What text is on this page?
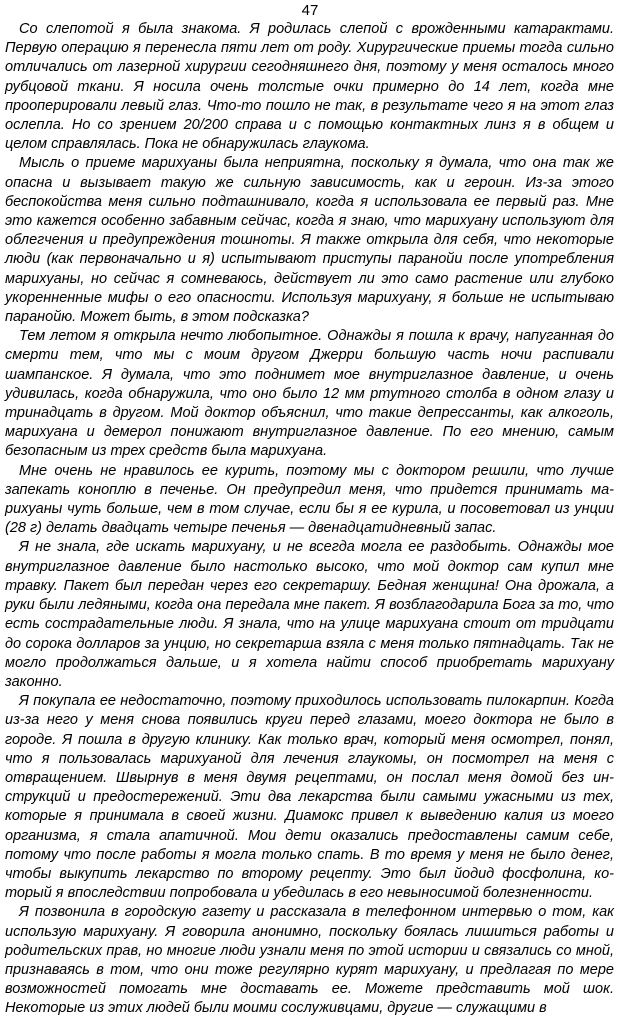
47

Со слепотой я была знакома. Я родилась слепой с врожденными катарактами. Первую операцию я перенесла пяти лет от роду. Хирургические приемы тогда сильно отличались от лазерной хирургии сегодняшнего дня, поэтому у меня осталось много рубцовой ткани. Я носила очень толстые очки примерно до 14 лет, когда мне прооперировали левый глаз. Что-то пошло не так, в результате чего я на этот глаз ослепла. Но со зрением 20/200 справа и с помощью контактных линз я в общем и целом справлялась. Пока не обнаружилась глаукома.

Мысль о приеме марихуаны была неприятна, поскольку я думала, что она так же опасна и вызывает такую же сильную зависимость, как и героин. Из-за этого беспокойства меня сильно подташнивало, когда я использовала ее первый раз. Мне это кажется особенно забавным сейчас, когда я знаю, что марихуану используют для облегчения и предупреждения тошноты. Я также открыла для себя, что некоторые люди (как первоначально и я) испытывают приступы паранойи после употребления марихуаны, но сейчас я сомневаюсь, действует ли это само растение или глубоко укоренненные мифы о его опасности. Используя марихуану, я больше не испытываю паранойю. Может быть, в этом подсказка?

Тем летом я открыла нечто любопытное. Однажды я пошла к врачу, напуганная до смерти тем, что мы с моим другом Джерри большую часть ночи распивали шампанское. Я думала, что это поднимет мое внутриглазное давление, и очень удивилась, когда обнаружила, что оно было 12 мм ртутного столба в одном глазу и тринадцать в другом. Мой доктор объяснил, что такие депрессанты, как алкоголь, марихуана и демерол понижают внутриглазное давление. По его мнению, самым безопасным из трех средств была марихуана.

Мне очень не нравилось ее курить, поэтому мы с доктором решили, что лучше запекать коноплю в печенье. Он предупредил меня, что придется принимать марихуаны чуть больше, чем в том случае, если бы я ее курила, и посоветовал из унции (28 г) делать двадцать четыре печенья — двенадцатидневный запас.

Я не знала, где искать марихуану, и не всегда могла ее раздобыть. Однажды мое внутриглазное давление было настолько высоко, что мой доктор сам купил мне травку. Пакет был передан через его секретаршу. Бедная женщина! Она дрожала, а руки были ледяными, когда она передала мне пакет. Я возблагодарила Бога за то, что есть сострадательные люди. Я знала, что на улице марихуана стоит от тридцати до сорока долларов за унцию, но секретарша взяла с меня только пятнадцать. Так не могло продолжаться дальше, и я хотела найти способ приобретать марихуану законно.

Я покупала ее недостаточно, поэтому приходилось использовать пилокарпин. Когда из-за него у меня снова появились круги перед глазами, моего доктора не было в городе. Я пошла в другую клинику. Как только врач, который меня осмотрел, понял, что я пользовалась марихуаной для лечения глаукомы, он посмотрел на меня с отвращением. Швырнув в меня двумя рецептами, он послал меня домой без инструкций и предостережений. Эти два лекарства были самыми ужасными из тех, которые я принимала в своей жизни. Диамокс привел к выведению калия из моего организма, я стала апатичной. Мои дети оказались предоставлены самим себе, потому что после работы я могла только спать. В то время у меня не было денег, чтобы выкупить лекарство по второму рецепту. Это был йодид фосфолина, который я впоследствии попробовала и убедилась в его невыносимой болезненности.

Я позвонила в городскую газету и рассказала в телефонном интервью о том, как использую марихуану. Я говорила анонимно, поскольку боялась лишиться работы и родительских прав, но многие люди узнали меня по этой истории и связались со мной, признаваясь в том, что они тоже регулярно курят марихуану, и предлагая по мере возможностей помогать мне доставать ее. Можете представить мой шок. Некоторые из этих людей были моими сослуживцами, другие — служащими в
